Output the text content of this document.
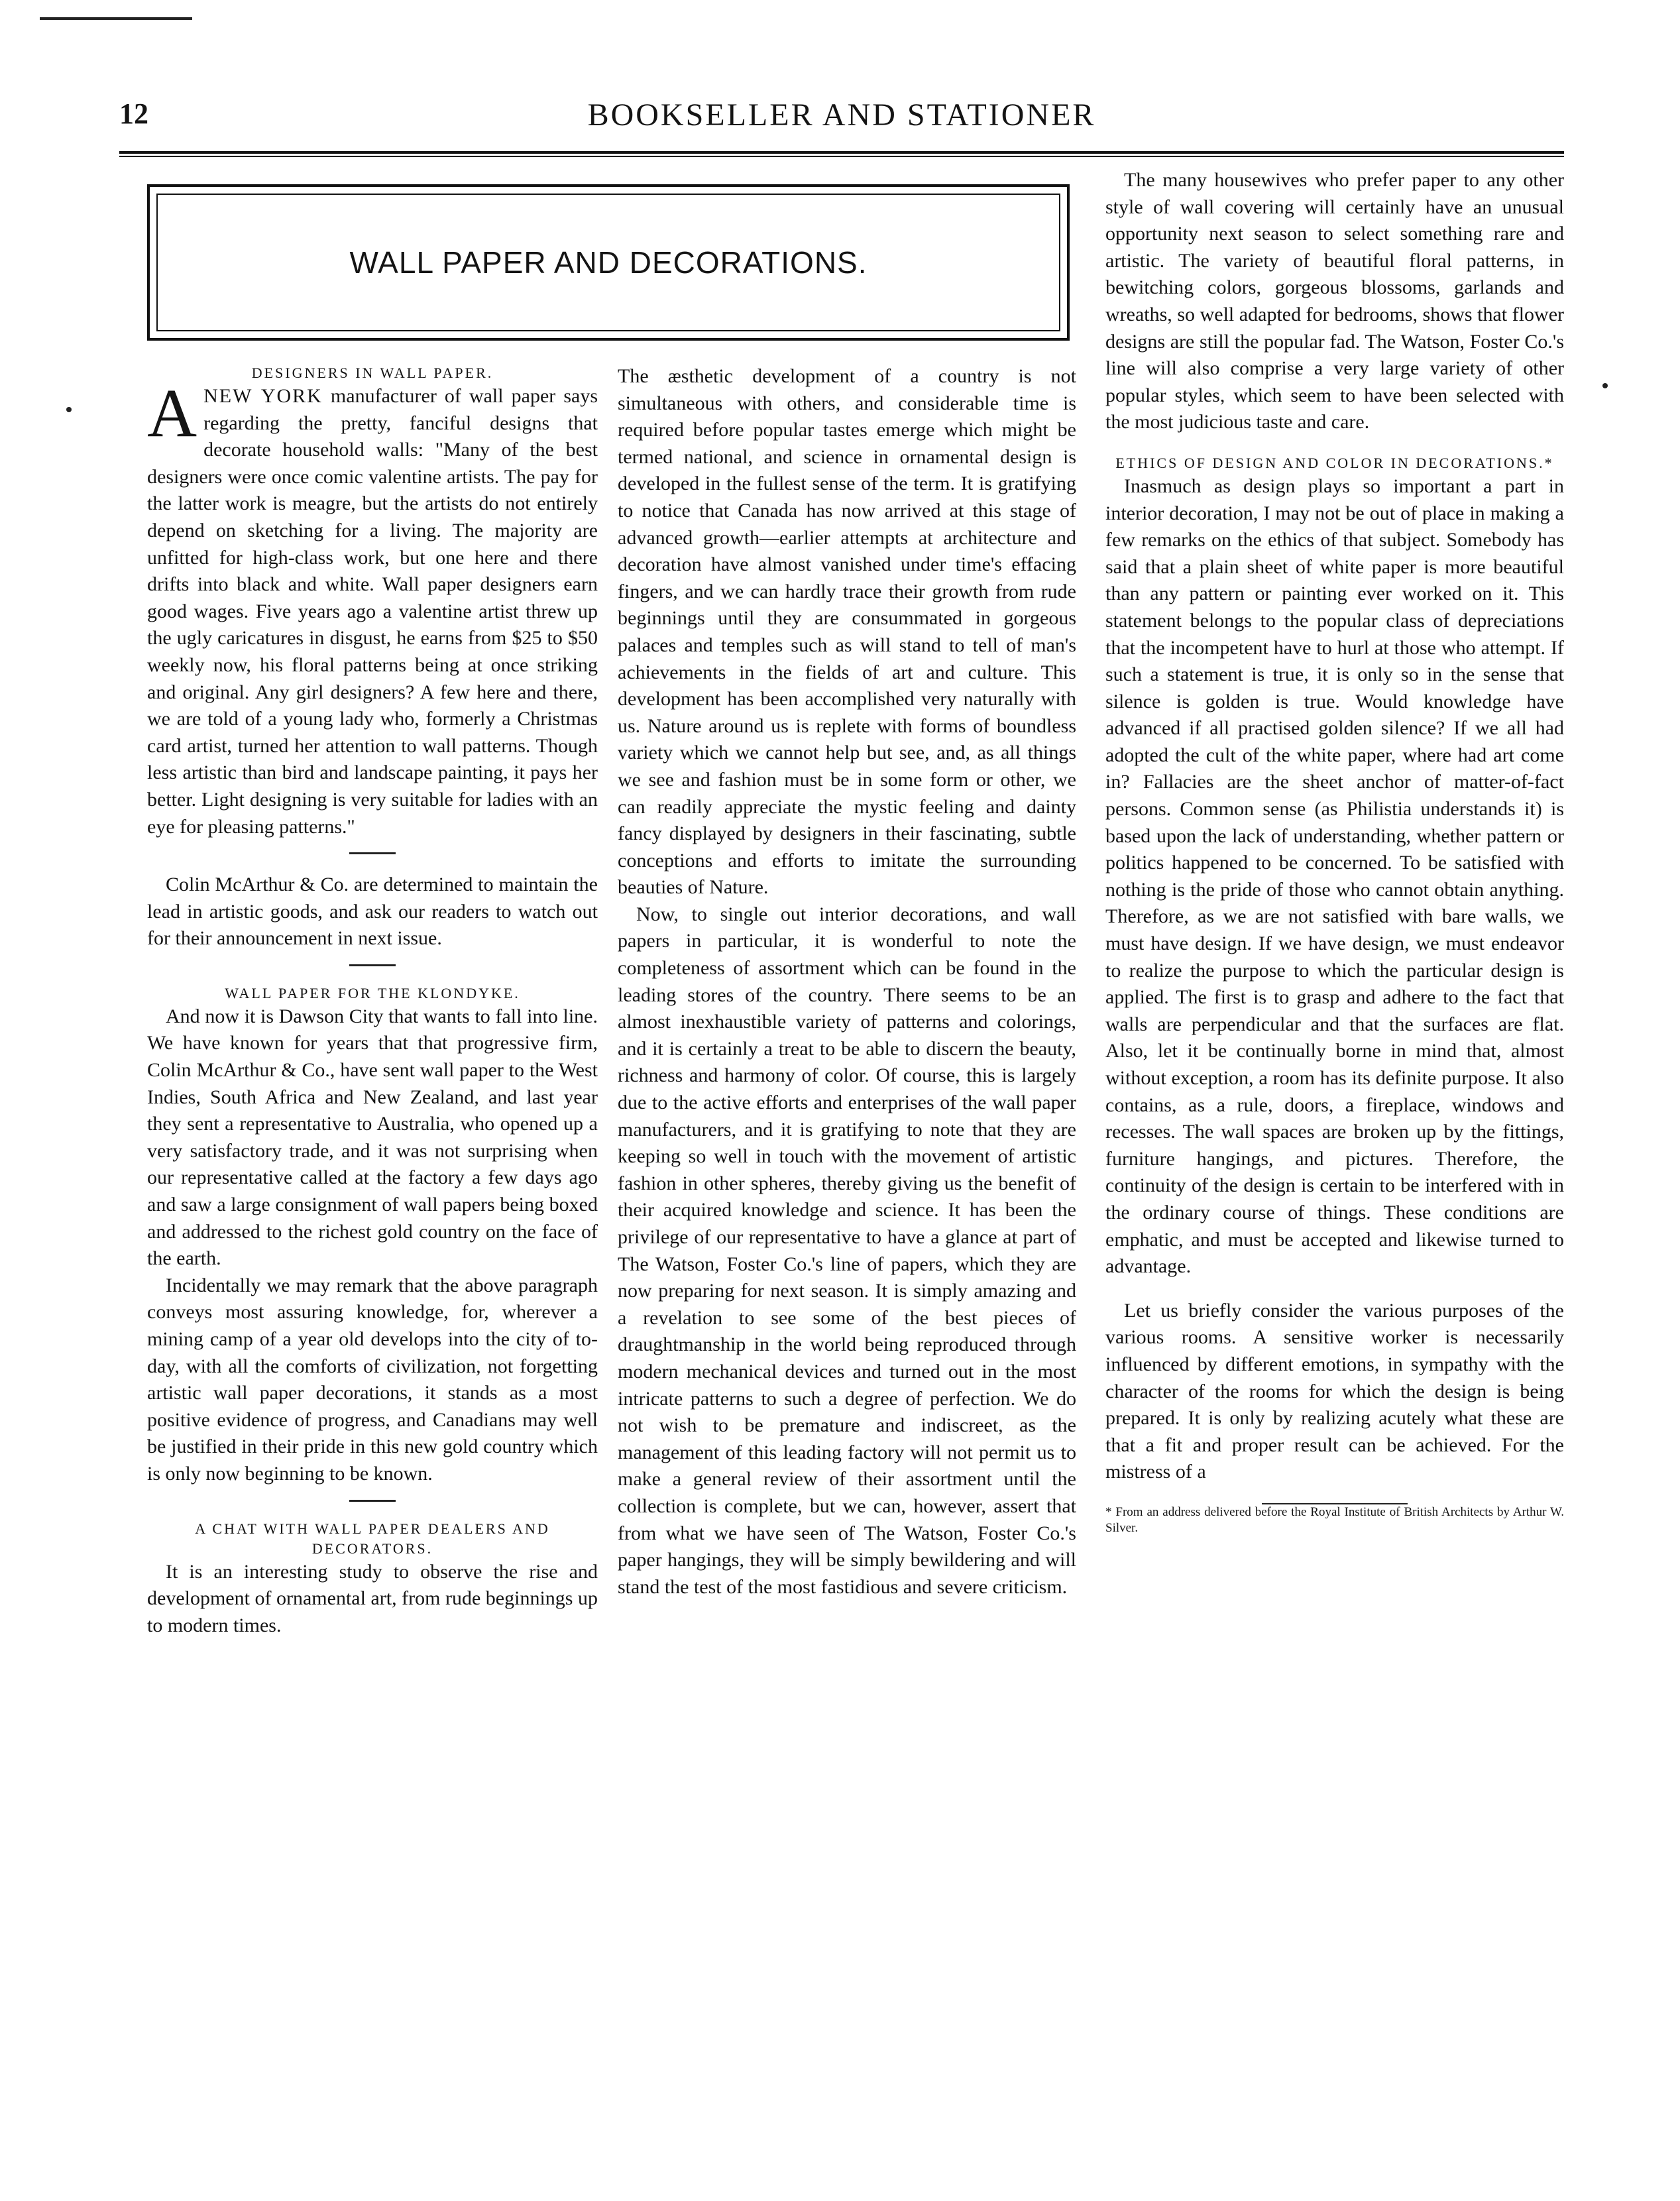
12	BOOKSELLER AND STATIONER
WALL PAPER AND DECORATIONS.

DESIGNERS IN WALL PAPER.

ANEW YORK manufacturer of wall paper says regarding the pretty, fanciful designs that decorate household walls: "Many of the best designers were once comic valentine artists. The pay for the latter work is meagre, but the artists do not entirely depend on sketching for a living. The majority are unfitted for high-class work, but one here and there drifts into black and white. Wall paper designers earn good wages. Five years ago a valentine artist threw up the ugly caricatures in disgust, he earns from $25 to $50 weekly now, his floral patterns being at once striking and original. Any girl designers? A few here and there, we are told of a young lady who, formerly a Christmas card artist, turned her attention to wall patterns. Though less artistic than bird and landscape painting, it pays her better. Light designing is very suitable for ladies with an eye for pleasing patterns."

Colin McArthur & Co. are determined to maintain the lead in artistic goods, and ask our readers to watch out for their announcement in next issue.

WALL PAPER FOR THE KLONDYKE.

And now it is Dawson City that wants to fall into line. We have known for years that that progressive firm, Colin McArthur & Co., have sent wall paper to the West Indies, South Africa and New Zealand, and last year they sent a representative to Australia, who opened up a very satisfactory trade, and it was not surprising when our representative called at the factory a few days ago and saw a large consignment of wall papers being boxed and addressed to the richest gold country on the face of the earth.

Incidentally we may remark that the above paragraph conveys most assuring knowledge, for, wherever a mining camp of a year old develops into the city of to-day, with all the comforts of civilization, not forgetting artistic wall paper decorations, it stands as a most positive evidence of progress, and Canadians may well be justified in their pride in this new gold country which is only now beginning to be known.

A CHAT WITH WALL PAPER DEALERS AND DECORATORS.

It is an interesting study to observe the rise and development of ornamental art, from rude beginnings up to modern times.

The æsthetic development of a country is not simultaneous with others, and considerable time is required before popular tastes emerge which might be termed national, and science in ornamental design is developed in the fullest sense of the term. It is gratifying to notice that Canada has now arrived at this stage of advanced growth—earlier attempts at architecture and decoration have almost vanished under time's effacing fingers, and we can hardly trace their growth from rude beginnings until they are consummated in gorgeous palaces and temples such as will stand to tell of man's achievements in the fields of art and culture. This development has been accomplished very naturally with us. Nature around us is replete with forms of boundless variety which we cannot help but see, and, as all things we see and fashion must be in some form or other, we can readily appreciate the mystic feeling and dainty fancy displayed by designers in their fascinating, subtle conceptions and efforts to imitate the surrounding beauties of Nature.

Now, to single out interior decorations, and wall papers in particular, it is wonderful to note the completeness of assortment which can be found in the leading stores of the country. There seems to be an almost inexhaustible variety of patterns and colorings, and it is certainly a treat to be able to discern the beauty, richness and harmony of color. Of course, this is largely due to the active efforts and enterprises of the wall paper manufacturers, and it is gratifying to note that they are keeping so well in touch with the movement of artistic fashion in other spheres, thereby giving us the benefit of their acquired knowledge and science. It has been the privilege of our representative to have a glance at part of The Watson, Foster Co.'s line of papers, which they are now preparing for next season. It is simply amazing and a revelation to see some of the best pieces of draughtmanship in the world being reproduced through modern mechanical devices and turned out in the most intricate patterns to such a degree of perfection. We do not wish to be premature and indiscreet, as the management of this leading factory will not permit us to make a general review of their assortment until the collection is complete, but we can, however, assert that from what we have seen of The Watson, Foster Co.'s paper hangings, they will be simply bewildering and will stand the test of the most fastidious and severe criticism.

The many housewives who prefer paper to any other style of wall covering will certainly have an unusual opportunity next season to select something rare and artistic. The variety of beautiful floral patterns, in bewitching colors, gorgeous blossoms, garlands and wreaths, so well adapted for bedrooms, shows that flower designs are still the popular fad. The Watson, Foster Co.'s line will also comprise a very large variety of other popular styles, which seem to have been selected with the most judicious taste and care.

ETHICS OF DESIGN AND COLOR IN DECORATIONS.*

Inasmuch as design plays so important a part in interior decoration, I may not be out of place in making a few remarks on the ethics of that subject. Somebody has said that a plain sheet of white paper is more beautiful than any pattern or painting ever worked on it. This statement belongs to the popular class of depreciations that the incompetent have to hurl at those who attempt. If such a statement is true, it is only so in the sense that silence is golden is true. Would knowledge have advanced if all practised golden silence? If we all had adopted the cult of the white paper, where had art come in? Fallacies are the sheet anchor of matter-of-fact persons. Common sense (as Philistia understands it) is based upon the lack of understanding, whether pattern or politics happened to be concerned. To be satisfied with nothing is the pride of those who cannot obtain anything. Therefore, as we are not satisfied with bare walls, we must have design. If we have design, we must endeavor to realize the purpose to which the particular design is applied. The first is to grasp and adhere to the fact that walls are perpendicular and that the surfaces are flat. Also, let it be continually borne in mind that, almost without exception, a room has its definite purpose. It also contains, as a rule, doors, a fireplace, windows and recesses. The wall spaces are broken up by the fittings, furniture hangings, and pictures. Therefore, the continuity of the design is certain to be interfered with in the ordinary course of things. These conditions are emphatic, and must be accepted and likewise turned to advantage.

Let us briefly consider the various purposes of the various rooms. A sensitive worker is necessarily influenced by different emotions, in sympathy with the character of the rooms for which the design is being prepared. It is only by realizing acutely what these are that a fit and proper result can be achieved. For the mistress of a

* From an address delivered before the Royal Institute of British Architects by Arthur W. Silver.
